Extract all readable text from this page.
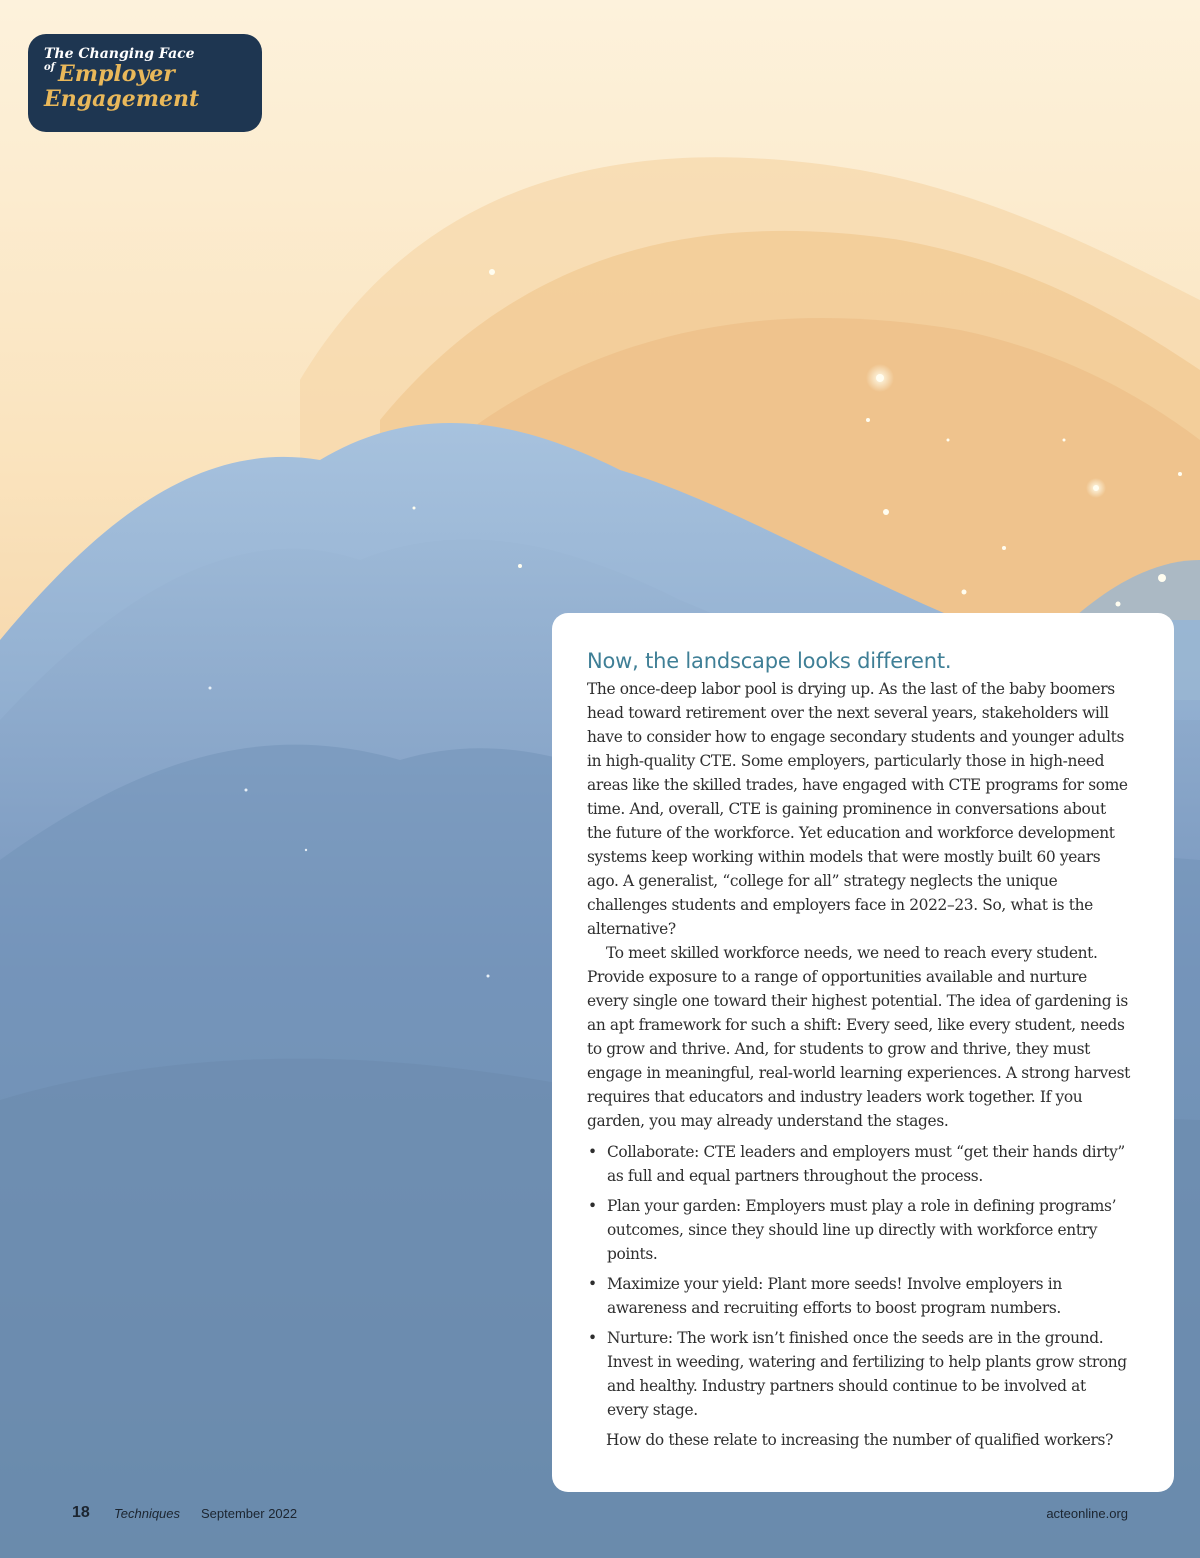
The Changing Face
$^{of}$ Employer
Engagement
Now, the landscape looks different.

The once-deep labor pool is drying up. As the last of the baby boomers head toward retirement over the next several years, stakeholders will have to consider how to engage secondary students and younger adults in high-quality CTE. Some employers, particularly those in high-need areas like the skilled trades, have engaged with CTE programs for some time. And, overall, CTE is gaining prominence in conversations about the future of the workforce. Yet education and workforce development systems keep working within models that were mostly built 60 years ago. A generalist, “college for all” strategy neglects the unique challenges students and employers face in 2022–23. So, what is the alternative?

To meet skilled workforce needs, we need to reach every student. Provide exposure to a range of opportunities available and nurture every single one toward their highest potential. The idea of gardening is an apt framework for such a shift: Every seed, like every student, needs to grow and thrive. And, for students to grow and thrive, they must engage in meaningful, real-world learning experiences. A strong harvest requires that educators and industry leaders work together. If you garden, you may already understand the stages.

• Collaborate: CTE leaders and employers must “get their hands dirty” as full and equal partners throughout the process.
• Plan your garden: Employers must play a role in defining programs’ outcomes, since they should line up directly with workforce entry points.
• Maximize your yield: Plant more seeds! Involve employers in awareness and recruiting efforts to boost program numbers.
• Nurture: The work isn’t finished once the seeds are in the ground. Invest in weeding, watering and fertilizing to help plants grow strong and healthy. Industry partners should continue to be involved at every stage.

How do these relate to increasing the number of qualified workers?

18 Techniques September 2022	acteonline.org
